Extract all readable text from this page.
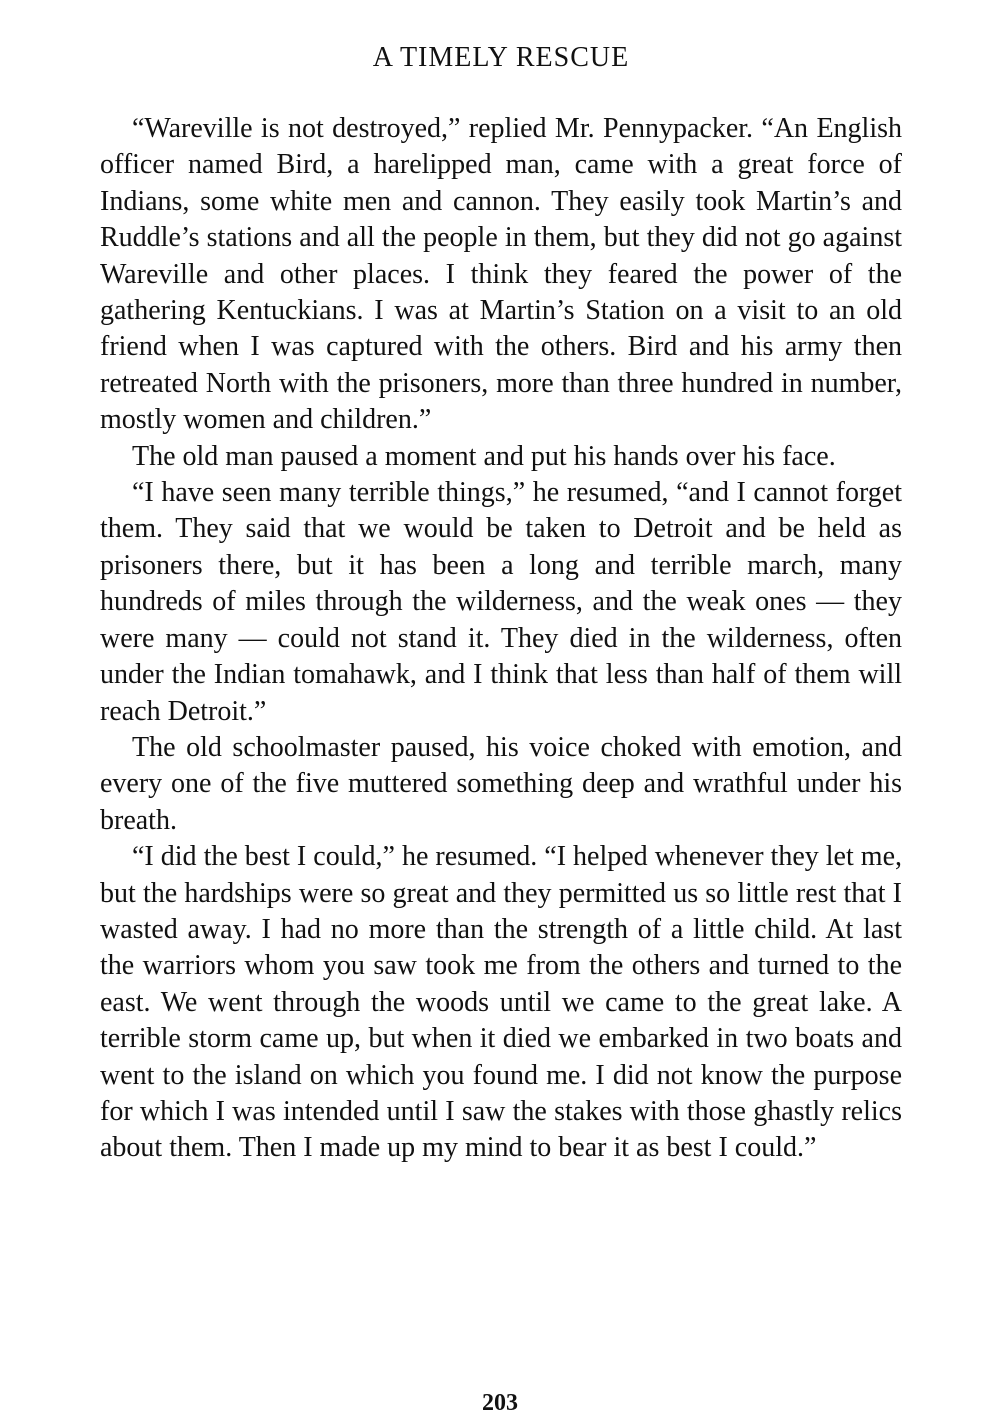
A TIMELY RESCUE

“Wareville is not destroyed,” replied Mr. Pennypacker. “An English officer named Bird, a harelipped man, came with a great force of Indians, some white men and cannon. They easily took Martin’s and Ruddle’s stations and all the people in them, but they did not go against Wareville and other places. I think they feared the power of the gathering Kentuckians. I was at Martin’s Station on a visit to an old friend when I was captured with the others. Bird and his army then retreated North with the prisoners, more than three hundred in number, mostly women and children.”

The old man paused a moment and put his hands over his face.

“I have seen many terrible things,” he resumed, “and I cannot forget them. They said that we would be taken to Detroit and be held as prisoners there, but it has been a long and terrible march, many hundreds of miles through the wilderness, and the weak ones — they were many — could not stand it. They died in the wilderness, often under the Indian tomahawk, and I think that less than half of them will reach Detroit.”

The old schoolmaster paused, his voice choked with emotion, and every one of the five muttered something deep and wrathful under his breath.

“I did the best I could,” he resumed. “I helped whenever they let me, but the hardships were so great and they permitted us so little rest that I wasted away. I had no more than the strength of a little child. At last the warriors whom you saw took me from the others and turned to the east. We went through the woods until we came to the great lake. A terrible storm came up, but when it died we embarked in two boats and went to the island on which you found me. I did not know the purpose for which I was intended until I saw the stakes with those ghastly relics about them. Then I made up my mind to bear it as best I could.”

203
